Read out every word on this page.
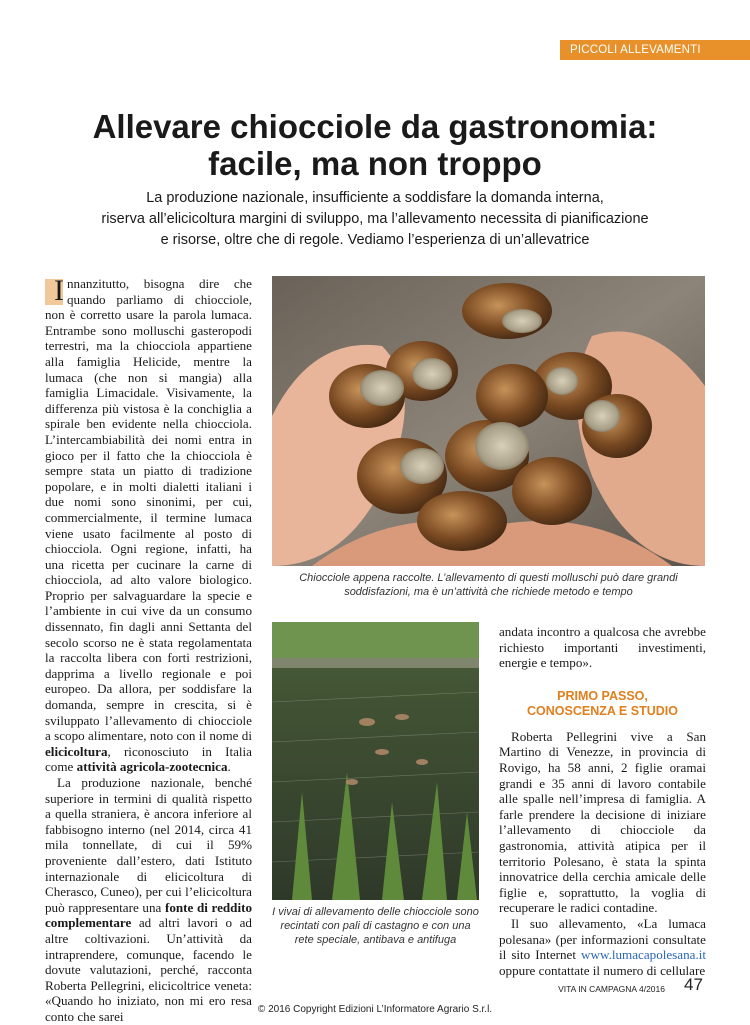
PICCOLI ALLEVAMENTI
Allevare chiocciole da gastronomia:
facile, ma non troppo
La produzione nazionale, insufficiente a soddisfare la domanda interna,
riserva all’elicicoltura margini di sviluppo, ma l’allevamento necessita di pianificazione
e risorse, oltre che di regole. Vediamo l’esperienza di un’allevatrice

I nnanzitutto, bisogna dire che quando parliamo di chiocciole, non è corretto usare la parola lumaca. Entrambe sono molluschi gasteropodi terrestri, ma la chiocciola appartiene alla famiglia Helicide, mentre la lumaca (che non si mangia) alla famiglia Limacidale. Visivamente, la differenza più vistosa è la conchiglia a spirale ben evidente nella chiocciola. L’intercambiabilità dei nomi entra in gioco per il fatto che la chiocciola è sempre stata un piatto di tradizione popolare, e in molti dialetti italiani i due nomi sono sinonimi, per cui, commercialmente, il termine lumaca viene usato facilmente al posto di chiocciola. Ogni regione, infatti, ha una ricetta per cucinare la carne di chiocciola, ad alto valore biologico. Proprio per salvaguardare la specie e l’ambiente in cui vive da un consumo dissennato, fin dagli anni Settanta del secolo scorso ne è stata regolamentata la raccolta libera con forti restrizioni, dapprima a livello regionale e poi europeo. Da allora, per soddisfare la domanda, sempre in crescita, si è sviluppato l’allevamento di chiocciole a scopo alimentare, noto con il nome di elicicoltura, riconosciuto in Italia come attività agricola-zootecnica.

La produzione nazionale, benché superiore in termini di qualità rispetto a quella straniera, è ancora inferiore al fabbisogno interno (nel 2014, circa 41 mila tonnellate, di cui il 59% proveniente dall’estero, dati Istituto internazionale di elicicoltura di Cherasco, Cuneo), per cui l’elicicoltura può rappresentare una fonte di reddito complementare ad altri lavori o ad altre coltivazioni. Un’attività da intraprendere, comunque, facendo le dovute valutazioni, perché, racconta Roberta Pellegrini, elicicoltrice veneta: «Quando ho iniziato, non mi ero resa conto che sarei

Chiocciole appena raccolte. L’allevamento di questi molluschi può dare grandi
soddisfazioni, ma è un’attività che richiede metodo e tempo
I vivai di allevamento delle chiocciole sono
recintati con pali di castagno e con una
rete speciale, antibava e antifuga

andata incontro a qualcosa che avrebbe richiesto importanti investimenti, energie e tempo».

PRIMO PASSO,
CONOSCENZA E STUDIO

Roberta Pellegrini vive a San Martino di Venezze, in provincia di Rovigo, ha 58 anni, 2 figlie oramai grandi e 35 anni di lavoro contabile alle spalle nell’impresa di famiglia. A farle prendere la decisione di iniziare l’allevamento di chiocciole da gastronomia, attività atipica per il territorio Polesano, è stata la spinta innovatrice della cerchia amicale delle figlie e, soprattutto, la voglia di recuperare le radici contadine.

Il suo allevamento, «La lumaca polesana» (per informazioni consultate il sito Internet www.lumacapolesana.it oppure contattate il numero di cellulare

VITA IN CAMPAGNA 4/2016 47
© 2016 Copyright Edizioni L’Informatore Agrario S.r.l.
